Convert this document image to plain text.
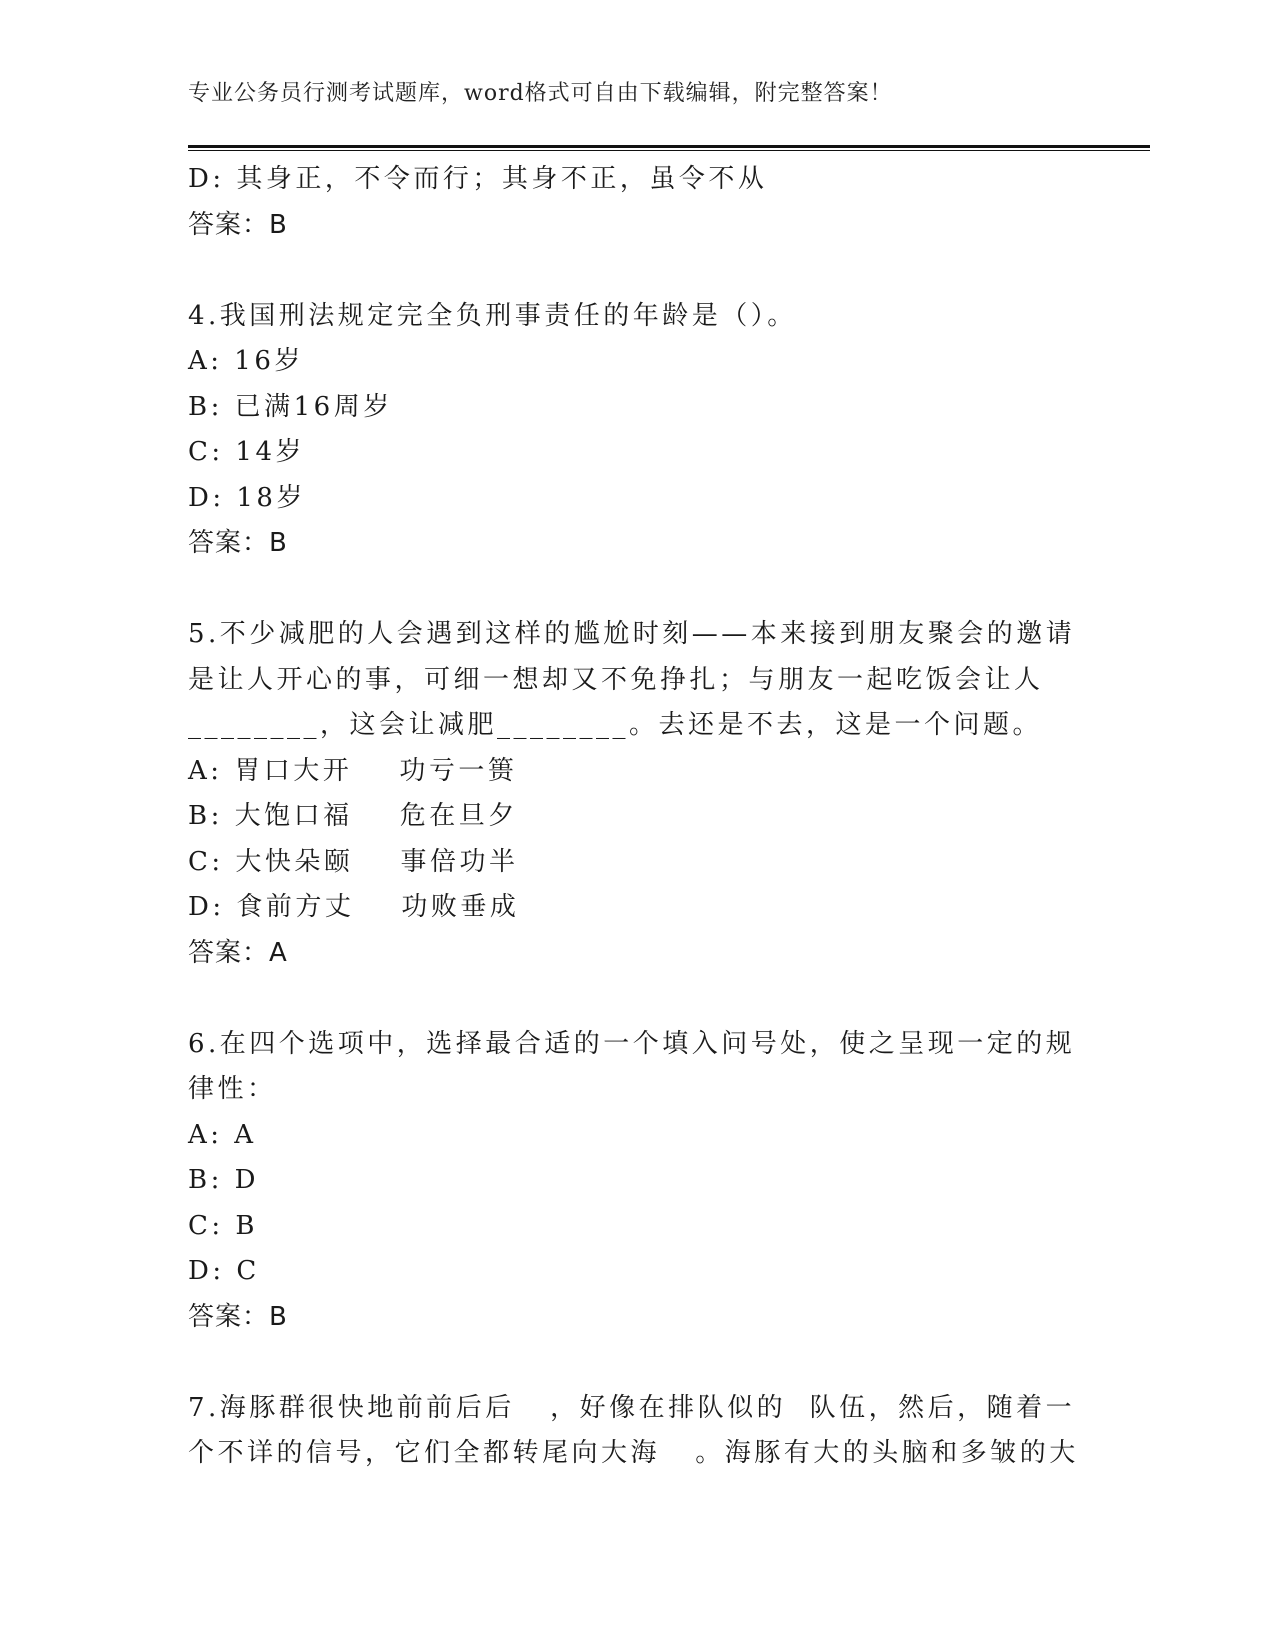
专业公务员行测考试题库，word格式可自由下载编辑，附完整答案！
D: 其身正，不令而行；其身不正，虽令不从
答案：B
4.我国刑法规定完全负刑事责任的年龄是（）。
A: 16岁
B: 已满16周岁
C: 14岁
D: 18岁
答案：B
5.不少减肥的人会遇到这样的尴尬时刻——本来接到朋友聚会的邀请
是让人开心的事，可细一想却又不免挣扎；与朋友一起吃饭会让人
________，这会让减肥________。去还是不去，这是一个问题。
A: 胃口大开    功亏一篑
B: 大饱口福    危在旦夕
C: 大快朵颐    事倍功半
D: 食前方丈    功败垂成
答案：A
6.在四个选项中，选择最合适的一个填入问号处，使之呈现一定的规
律性：
A: A
B: D
C: B
D: C
答案：B
7.海豚群很快地前前后后   ，好像在排队似的  队伍，然后，随着一
个不详的信号，它们全都转尾向大海   。海豚有大的头脑和多皱的大
